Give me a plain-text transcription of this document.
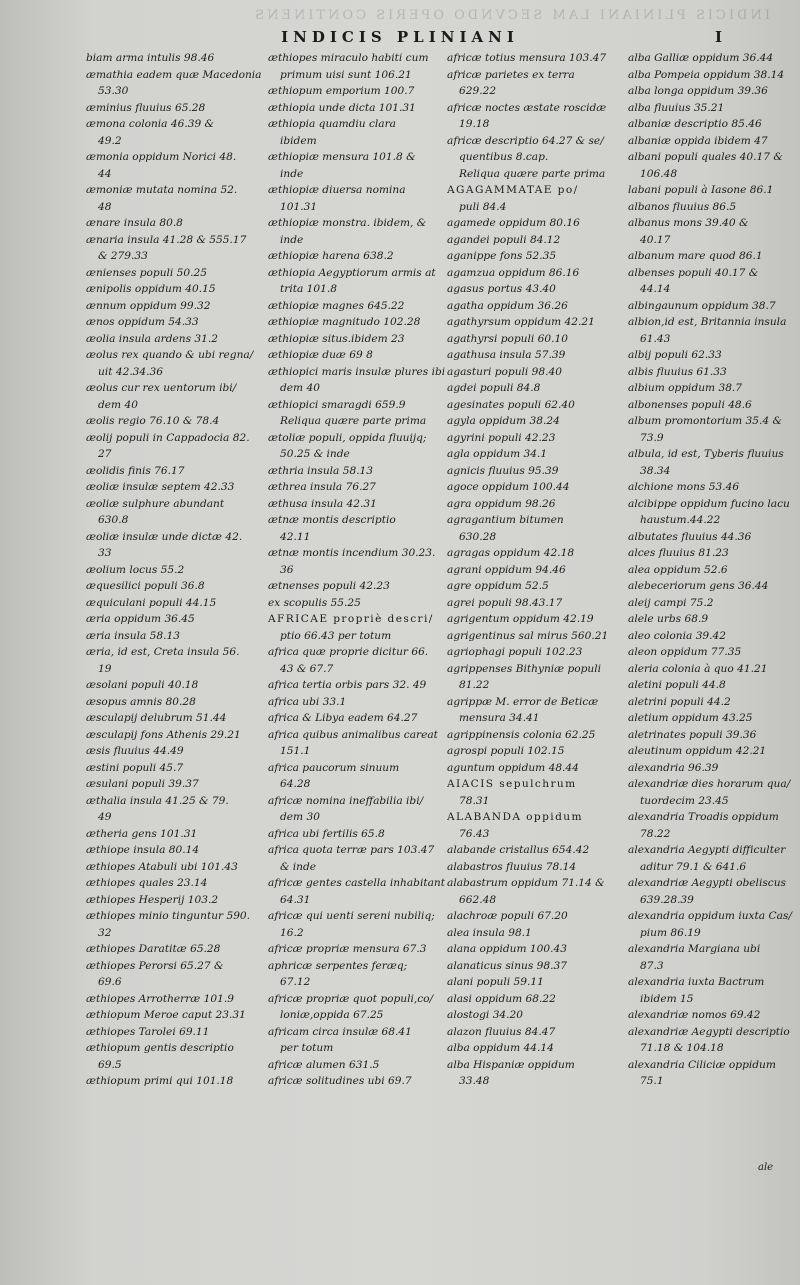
INDICIS PLINIANI LAM SECVNDO OPERIS CONTINENS
INDICIS PLINIANI	I
biam arma intulis 98.46
æmathia eadem quæ Macedonia
53.30
æminius fluuius 65.28
æmona colonia 46.39 &
49.2
æmonia oppidum Norici 48.
44
æmoniæ mutata nomina 52.
48
ænare insula 80.8
ænaria insula 41.28 & 555.17
& 279.33
ænienses populi 50.25
ænipolis oppidum 40.15
ænnum oppidum 99.32
ænos oppidum 54.33
æolia insula ardens 31.2
æolus rex quando & ubi regna/
uit 42.34.36
æolus cur rex uentorum ibi/
dem 40
æolis regio 76.10 & 78.4
æolij populi in Cappadocia 82.
27
æolidis finis 76.17
æoliæ insulæ septem 42.33
æoliæ sulphure abundant
630.8
æoliæ insulæ unde dictæ 42.
33
æolium locus 55.2
æquesilici populi 36.8
æquiculani populi 44.15
æria oppidum 36.45
æria insula 58.13
æria, id est, Creta insula 56.
19
æsolani populi 40.18
æsopus amnis 80.28
æsculapij delubrum 51.44
æsculapij fons Athenis 29.21
æsis fluuius 44.49
æstini populi 45.7
æsulani populi 39.37
æthalia insula 41.25 & 79.
49
ætheria gens 101.31
æthiope insula 80.14
æthiopes Atabuli ubi 101.43
æthiopes quales 23.14
æthiopes Hesperij 103.2
æthiopes minio tinguntur 590.
32
æthiopes Daratitæ 65.28
æthiopes Perorsi 65.27 &
69.6
æthiopes Arrotherræ 101.9
æthiopum Meroe caput 23.31
æthiopes Tarolei 69.11
æthiopum gentis descriptio
69.5
æthiopum primi qui 101.18
æthiopes miraculo habiti cum
primum uisi sunt 106.21
æthiopum emporium 100.7
æthiopia unde dicta 101.31
æthiopia quamdiu clara
ibidem
æthiopiæ mensura 101.8 &
inde
æthiopiæ diuersa nomina
101.31
æthiopiæ monstra. ibidem, &
inde
æthiopiæ harena 638.2
æthiopia Aegyptiorum armis at
trita 101.8
æthiopiæ magnes 645.22
æthiopiæ magnitudo 102.28
æthiopiæ situs.ibidem 23
æthiopiæ duæ 69 8
æthiopici maris insulæ plures ibi
dem 40
æthiopici smaragdi 659.9
Reliqua quære parte prima
ætoliæ populi, oppida fluuijq;
50.25 & inde
æthria insula 58.13
æthrea insula 76.27
æthusa insula 42.31
ætnæ montis descriptio
42.11
ætnæ montis incendium 30.23.
36
ætnenses populi 42.23
ex scopulis 55.25
AFRICAE propriè descri/
ptio 66.43 per totum
africa quæ proprie dicitur 66.
43 & 67.7
africa tertia orbis pars 32. 49
africa ubi 33.1
africa & Libya eadem 64.27
africa quibus animalibus careat
151.1
africa paucorum sinuum
64.28
africæ nomina ineffabilia ibi/
dem 30
africa ubi fertilis 65.8
africa quota terræ pars 103.47
& inde
africæ gentes castella inhabitant
64.31
africæ qui uenti sereni nubiliq;
16.2
africæ propriæ mensura 67.3
aphricæ serpentes feræq;
67.12
africæ propriæ quot populi,co/
loniæ,oppida 67.25
africam circa insulæ 68.41
per totum
africæ alumen 631.5
africæ solitudines ubi 69.7
africæ totius mensura 103.47
africæ parietes ex terra
629.22
africæ noctes æstate roscidæ
19.18
africæ descriptio 64.27 & se/
quentibus 8.cap.
Reliqua quære parte prima
AGAGAMMATAE po/
puli 84.4
agamede oppidum 80.16
agandei populi 84.12
aganippe fons 52.35
agamzua oppidum 86.16
agasus portus 43.40
agatha oppidum 36.26
agathyrsum oppidum 42.21
agathyrsi populi 60.10
agathusa insula 57.39
agasturi populi 98.40
agdei populi 84.8
agesinates populi 62.40
agyla oppidum 38.24
agyrini populi 42.23
agla oppidum 34.1
agnicis fluuius 95.39
agoce oppidum 100.44
agra oppidum 98.26
agragantium bitumen
630.28
agragas oppidum 42.18
agrani oppidum 94.46
agre oppidum 52.5
agrei populi 98.43.17
agrigentum oppidum 42.19
agrigentinus sal mirus 560.21
agriophagi populi 102.23
agrippenses Bithyniæ populi
81.22
agrippæ M. error de Beticæ
mensura 34.41
agrippinensis colonia 62.25
agrospi populi 102.15
aguntum oppidum 48.44
AIACIS sepulchrum
78.31
ALABANDA oppidum
76.43
alabande cristallus 654.42
alabastros fluuius 78.14
alabastrum oppidum 71.14 &
662.48
alachroæ populi 67.20
alea insula 98.1
alana oppidum 100.43
alanaticus sinus 98.37
alani populi 59.11
alasi oppidum 68.22
alostogi 34.20
alazon fluuius 84.47
alba oppidum 44.14
alba Hispaniæ oppidum
33.48
alba Galliæ oppidum 36.44
alba Pompeia oppidum 38.14
alba longa oppidum 39.36
alba fluuius 35.21
albaniæ descriptio 85.46
albaniæ oppida ibidem 47
albani populi quales 40.17 &
106.48
labani populi à Iasone 86.1
albanos fluuius 86.5
albanus mons 39.40 &
40.17
albanum mare quod 86.1
albenses populi 40.17 &
44.14
albingaunum oppidum 38.7
albion,id est, Britannia insula
61.43
albij populi 62.33
albis fluuius 61.33
albium oppidum 38.7
albonenses populi 48.6
album promontorium 35.4 &
73.9
albula, id est, Tyberis fluuius
38.34
alchione mons 53.46
alcibippe oppidum fucino lacu
haustum.44.22
albutates fluuius 44.36
alces fluuius 81.23
alea oppidum 52.6
alebeceriorum gens 36.44
aleij campi 75.2
alele urbs 68.9
aleo colonia 39.42
aleon oppidum 77.35
aleria colonia à quo 41.21
aletini populi 44.8
aletrini populi 44.2
aletium oppidum 43.25
aletrinates populi 39.36
aleutinum oppidum 42.21
alexandria 96.39
alexandriæ dies horarum qua/
tuordecim 23.45
alexandria Troadis oppidum
78.22
alexandria Aegypti difficulter
aditur 79.1 & 641.6
alexandriæ Aegypti obeliscus
639.28.39
alexandria oppidum iuxta Cas/
pium 86.19
alexandria Margiana ubi
87.3
alexandria iuxta Bactrum
ibidem 15
alexandriæ nomos 69.42
alexandriæ Aegypti descriptio
71.18 & 104.18
alexandria Ciliciæ oppidum
75.1
ale
